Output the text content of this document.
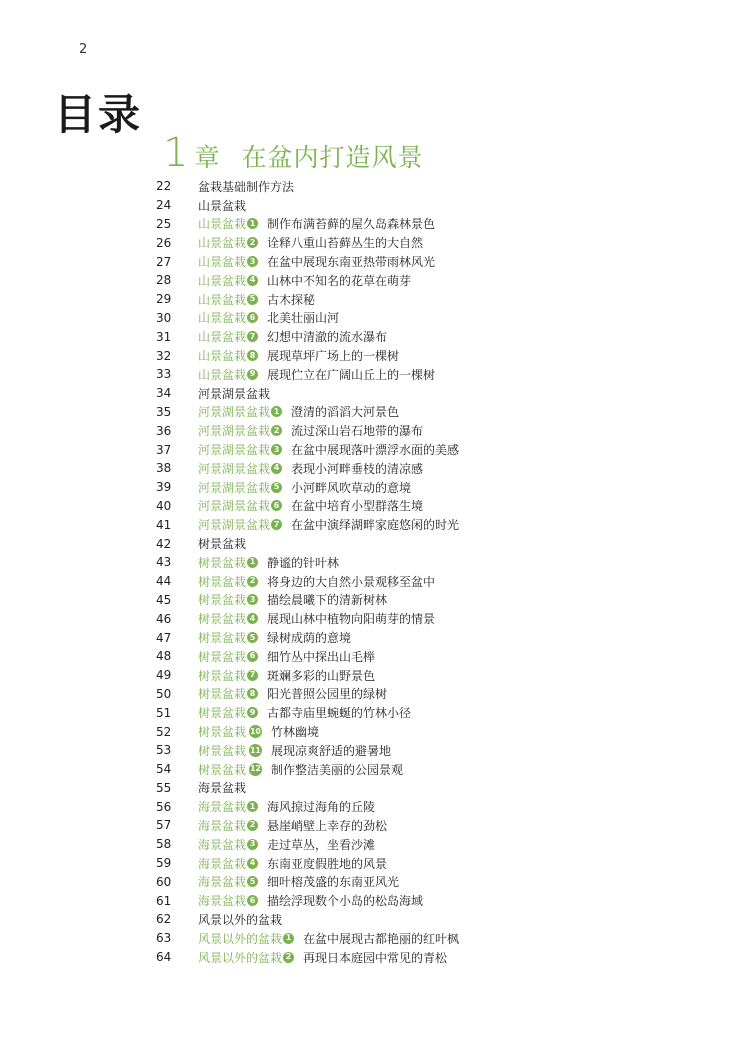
2
目录
1 章 在盆内打造风景
22	盆栽基础制作方法
24	山景盆栽
25	山景盆栽 1 制作布满苔藓的屋久岛森林景色
26	山景盆栽 2 诠释八重山苔藓丛生的大自然
27	山景盆栽 3 在盆中展现东南亚热带雨林风光
28	山景盆栽 4 山林中不知名的花草在萌芽
29	山景盆栽 5 古木探秘
30	山景盆栽 6 北美壮丽山河
31	山景盆栽 7 幻想中清澈的流水瀑布
32	山景盆栽 8 展现草坪广场上的一棵树
33	山景盆栽 9 展现伫立在广阔山丘上的一棵树
34	河景湖景盆栽
35	河景湖景盆栽 1 澄清的滔滔大河景色
36	河景湖景盆栽 2 流过深山岩石地带的瀑布
37	河景湖景盆栽 3 在盆中展现落叶漂浮水面的美感
38	河景湖景盆栽 4 表现小河畔垂枝的清凉感
39	河景湖景盆栽 5 小河畔风吹草动的意境
40	河景湖景盆栽 6 在盆中培育小型群落生境
41	河景湖景盆栽 7 在盆中演绎湖畔家庭悠闲的时光
42	树景盆栽
43	树景盆栽 1 静谧的针叶林
44	树景盆栽 2 将身边的大自然小景观移至盆中
45	树景盆栽 3 描绘晨曦下的清新树林
46	树景盆栽 4 展现山林中植物向阳萌芽的情景
47	树景盆栽 5 绿树成荫的意境
48	树景盆栽 6 细竹丛中探出山毛榉
49	树景盆栽 7 斑斓多彩的山野景色
50	树景盆栽 8 阳光普照公园里的绿树
51	树景盆栽 9 古都寺庙里蜿蜒的竹林小径
52	树景盆栽 10 竹林幽境
53	树景盆栽 11 展现凉爽舒适的避暑地
54	树景盆栽 12 制作整洁美丽的公园景观
55	海景盆栽
56	海景盆栽 1 海风掠过海角的丘陵
57	海景盆栽 2 悬崖峭壁上幸存的劲松
58	海景盆栽 3 走过草丛，坐看沙滩
59	海景盆栽 4 东南亚度假胜地的风景
60	海景盆栽 5 细叶榕茂盛的东南亚风光
61	海景盆栽 6 描绘浮现数个小岛的松岛海域
62	风景以外的盆栽
63	风景以外的盆栽 1 在盆中展现古都艳丽的红叶枫
64	风景以外的盆栽 2 再现日本庭园中常见的青松
